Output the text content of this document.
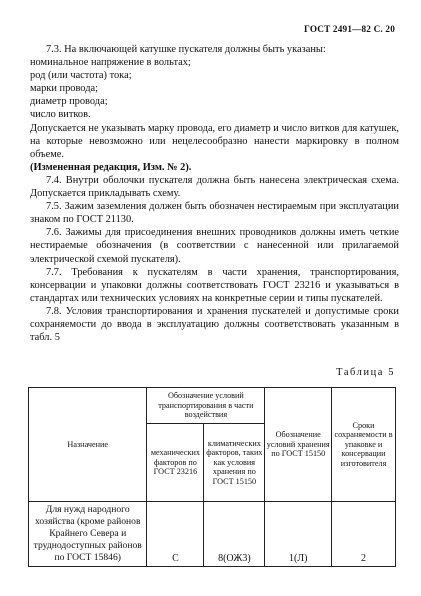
ГОСТ 2491—82 С. 20

7.3. На включающей катушке пускателя должны быть указаны:

номинальное напряжение в вольтах;

род (или частота) тока;

марки провода;

диаметр провода;

число витков.

Допускается не указывать марку провода, его диаметр и число витков для катушек, на которые невозможно или нецелесообразно нанести маркировку в полном объеме.

(Измененная редакция, Изм. № 2).

7.4. Внутри оболочки пускателя должна быть нанесена электрическая схема. Допускается прикладывать схему.

7.5. Зажим заземления должен быть обозначен нестираемым при эксплуатации знаком по ГОСТ 21130.

7.6. Зажимы для присоединения внешних проводников должны иметь четкие нестираемые обозначения (в соответствии с нанесенной или прилагаемой электрической схемой пускателя).

7.7. Требования к пускателям в части хранения, транспортирования, консервации и упаковки должны соответствовать ГОСТ 23216 и указываться в стандартах или технических условиях на конкретные серии и типы пускателей.

7.8. Условия транспортирования и хранения пускателей и допустимые сроки сохраняемости до ввода в эксплуатацию должны соответствовать указанным в табл. 5

Таблица 5
Назначение	Обозначение условий транспортирования в части воздействия		Обозначение условий хранения по ГОСТ 15150	Сроки сохраняемости в упаковке и консервации изготовителя
	механических факторов по ГОСТ 23216	климатических факторов, таких как условия хранения по ГОСТ 15150		
Для нужд народного хозяйства (кроме районов Крайнего Севера и труднодоступных районов по ГОСТ 15846)	С	8(ОЖ3)	1(Л)	2
